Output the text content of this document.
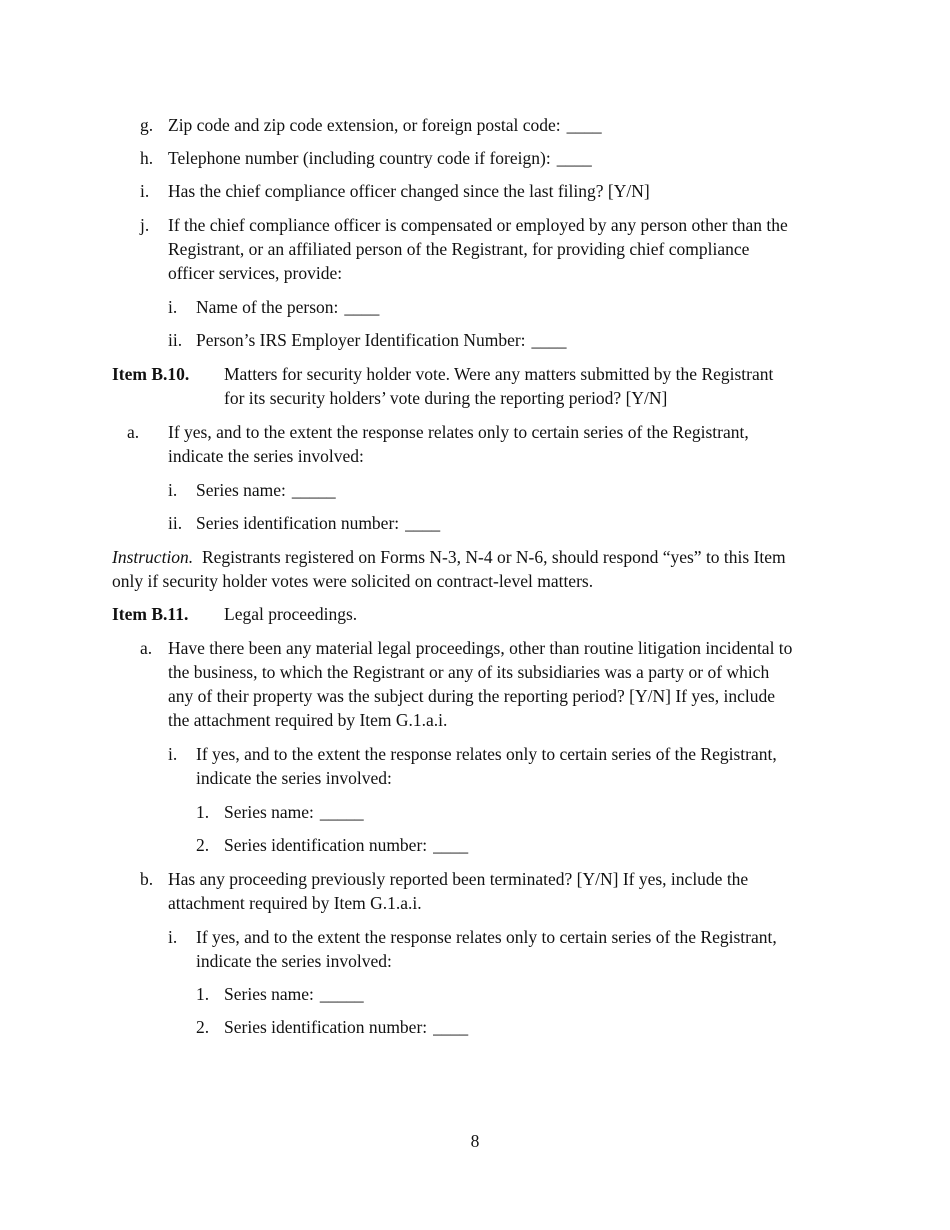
g. Zip code and zip code extension, or foreign postal code: ____
h. Telephone number (including country code if foreign): ____
i. Has the chief compliance officer changed since the last filing? [Y/N]
j. If the chief compliance officer is compensated or employed by any person other than the
Registrant, or an affiliated person of the Registrant, for providing chief compliance
officer services, provide:
i. Name of the person: ____
ii. Person’s IRS Employer Identification Number: ____
Item B.10. Matters for security holder vote. Were any matters submitted by the Registrant
for its security holders’ vote during the reporting period? [Y/N]
a. If yes, and to the extent the response relates only to certain series of the Registrant,
indicate the series involved:
i. Series name: _____
ii. Series identification number: ____
Instruction. Registrants registered on Forms N-3, N-4 or N-6, should respond “yes” to this Item
only if security holder votes were solicited on contract-level matters.
Item B.11. Legal proceedings.
a. Have there been any material legal proceedings, other than routine litigation incidental to
the business, to which the Registrant or any of its subsidiaries was a party or of which
any of their property was the subject during the reporting period? [Y/N] If yes, include
the attachment required by Item G.1.a.i.
i. If yes, and to the extent the response relates only to certain series of the Registrant,
indicate the series involved:
1. Series name: _____
2. Series identification number: ____
b. Has any proceeding previously reported been terminated? [Y/N] If yes, include the
attachment required by Item G.1.a.i.
i. If yes, and to the extent the response relates only to certain series of the Registrant,
indicate the series involved:
1. Series name: _____
2. Series identification number: ____
8
